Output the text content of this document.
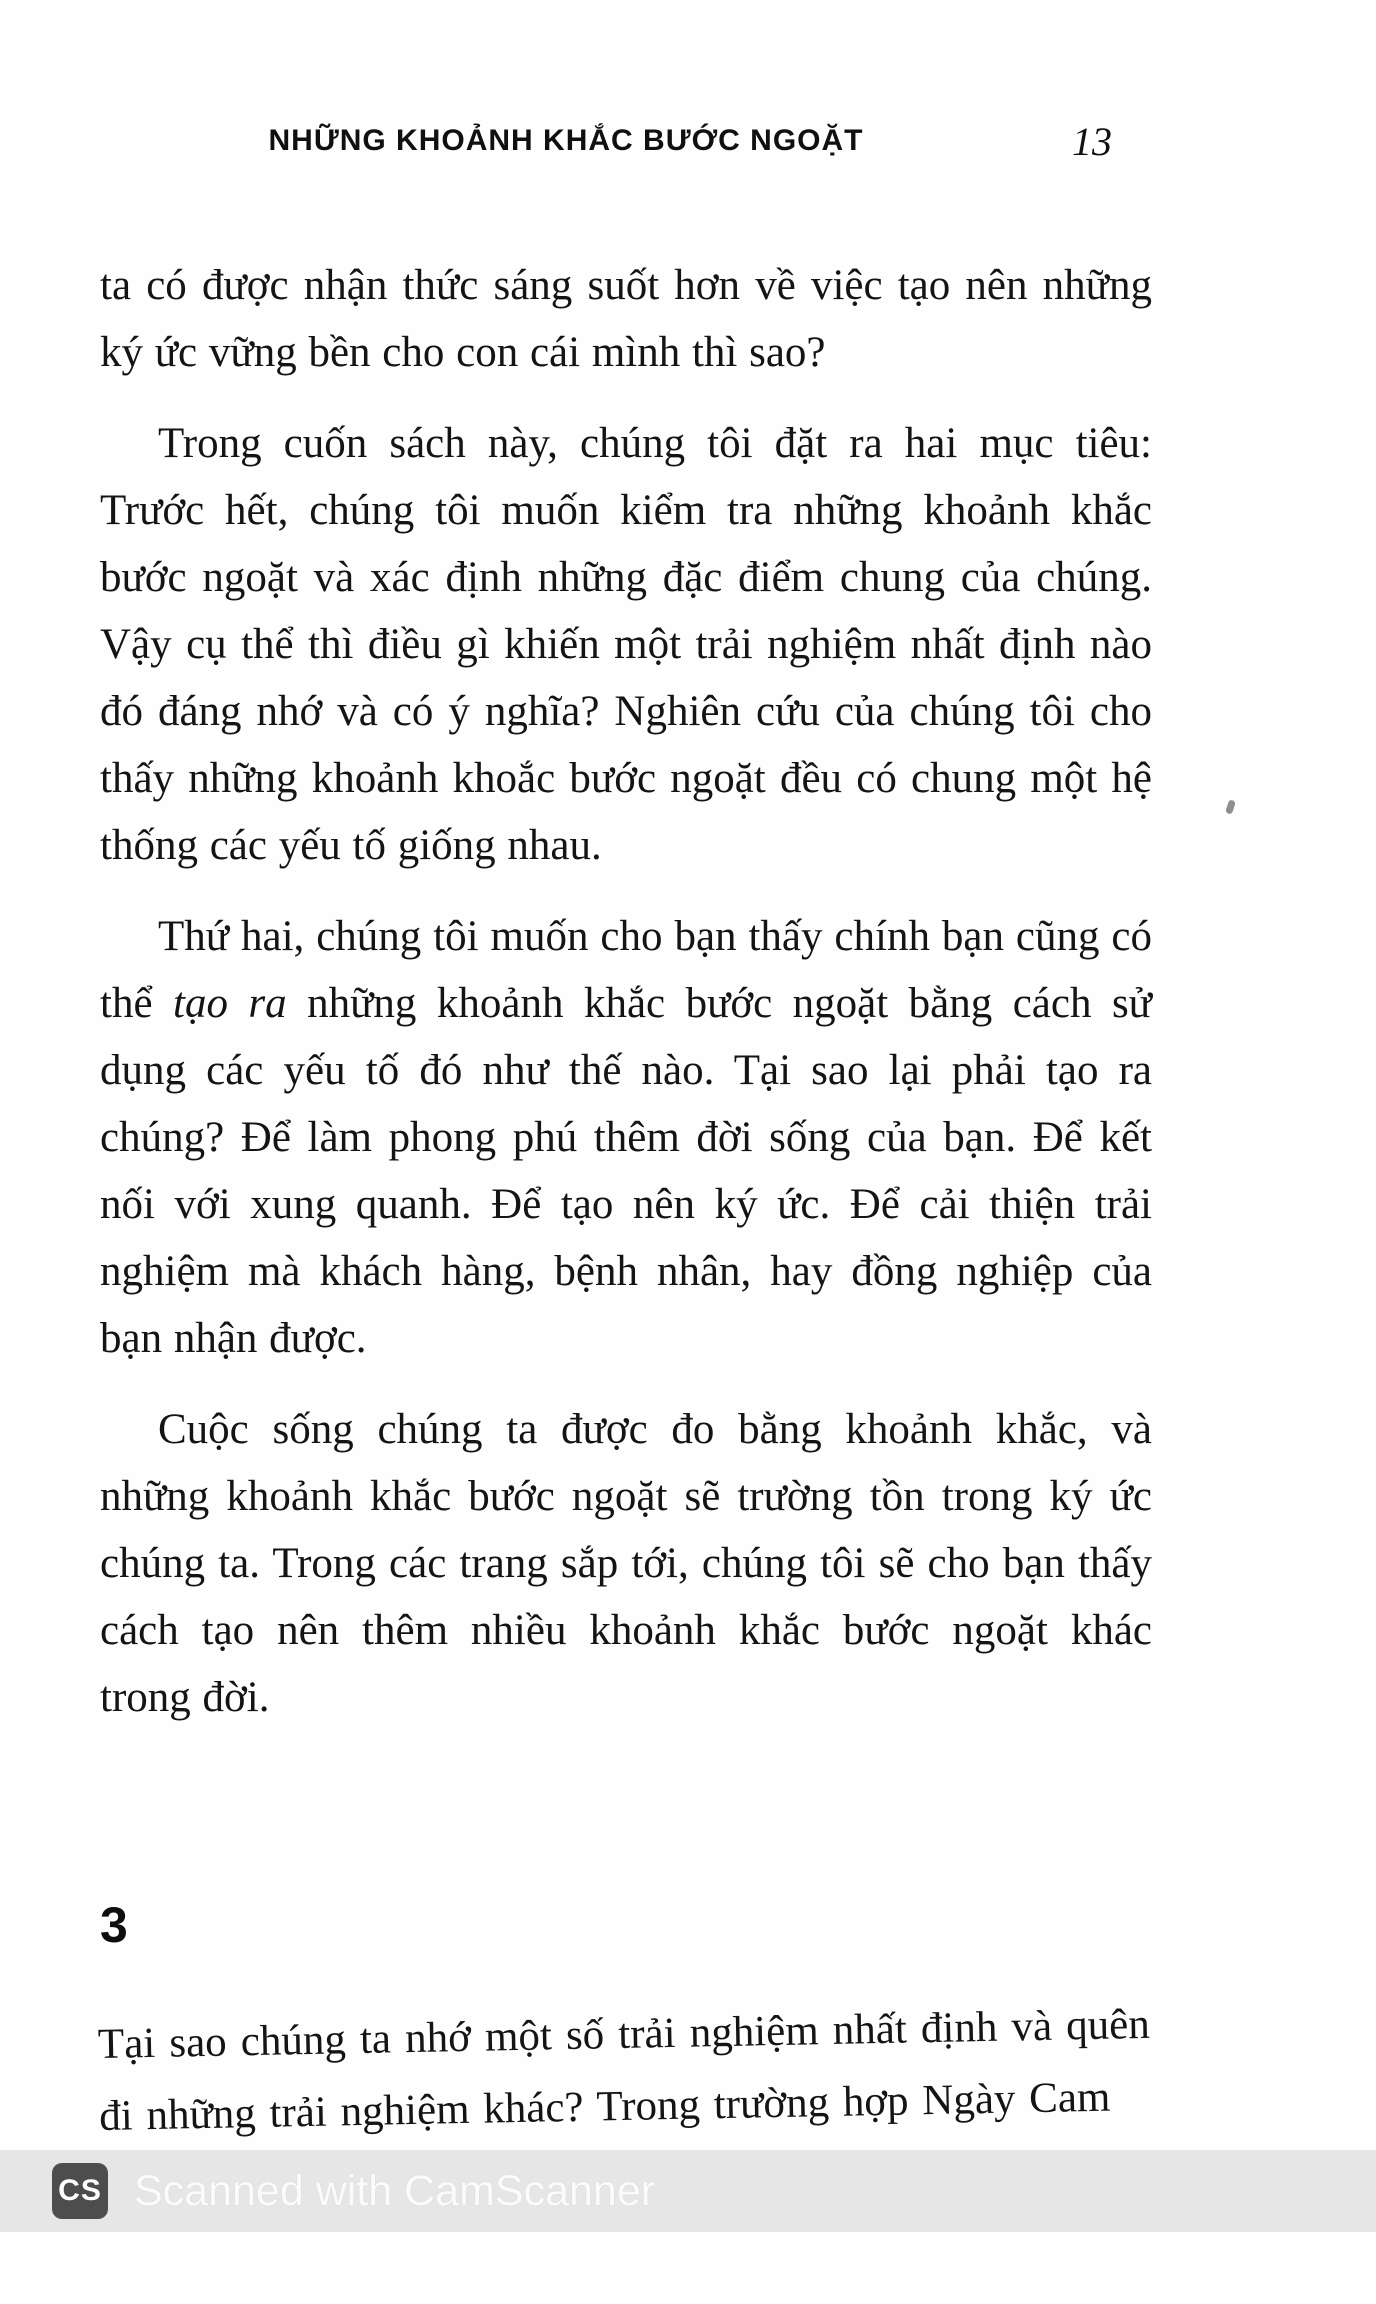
NHỮNG KHOẢNH KHẮC BƯỚC NGOẶT	13

ta có được nhận thức sáng suốt hơn về việc tạo nên những ký ức vững bền cho con cái mình thì sao?

Trong cuốn sách này, chúng tôi đặt ra hai mục tiêu: Trước hết, chúng tôi muốn kiểm tra những khoảnh khắc bước ngoặt và xác định những đặc điểm chung của chúng. Vậy cụ thể thì điều gì khiến một trải nghiệm nhất định nào đó đáng nhớ và có ý nghĩa? Nghiên cứu của chúng tôi cho thấy những khoảnh khoắc bước ngoặt đều có chung một hệ thống các yếu tố giống nhau.

Thứ hai, chúng tôi muốn cho bạn thấy chính bạn cũng có thể tạo ra những khoảnh khắc bước ngoặt bằng cách sử dụng các yếu tố đó như thế nào. Tại sao lại phải tạo ra chúng? Để làm phong phú thêm đời sống của bạn. Để kết nối với xung quanh. Để tạo nên ký ức. Để cải thiện trải nghiệm mà khách hàng, bệnh nhân, hay đồng nghiệp của bạn nhận được.

Cuộc sống chúng ta được đo bằng khoảnh khắc, và những khoảnh khắc bước ngoặt sẽ trường tồn trong ký ức chúng ta. Trong các trang sắp tới, chúng tôi sẽ cho bạn thấy cách tạo nên thêm nhiều khoảnh khắc bước ngoặt khác trong đời.

3

Tại sao chúng ta nhớ một số trải nghiệm nhất định và quên đi những trải nghiệm khác? Trong trường hợp Ngày Cam

CS Scanned with CamScanner
